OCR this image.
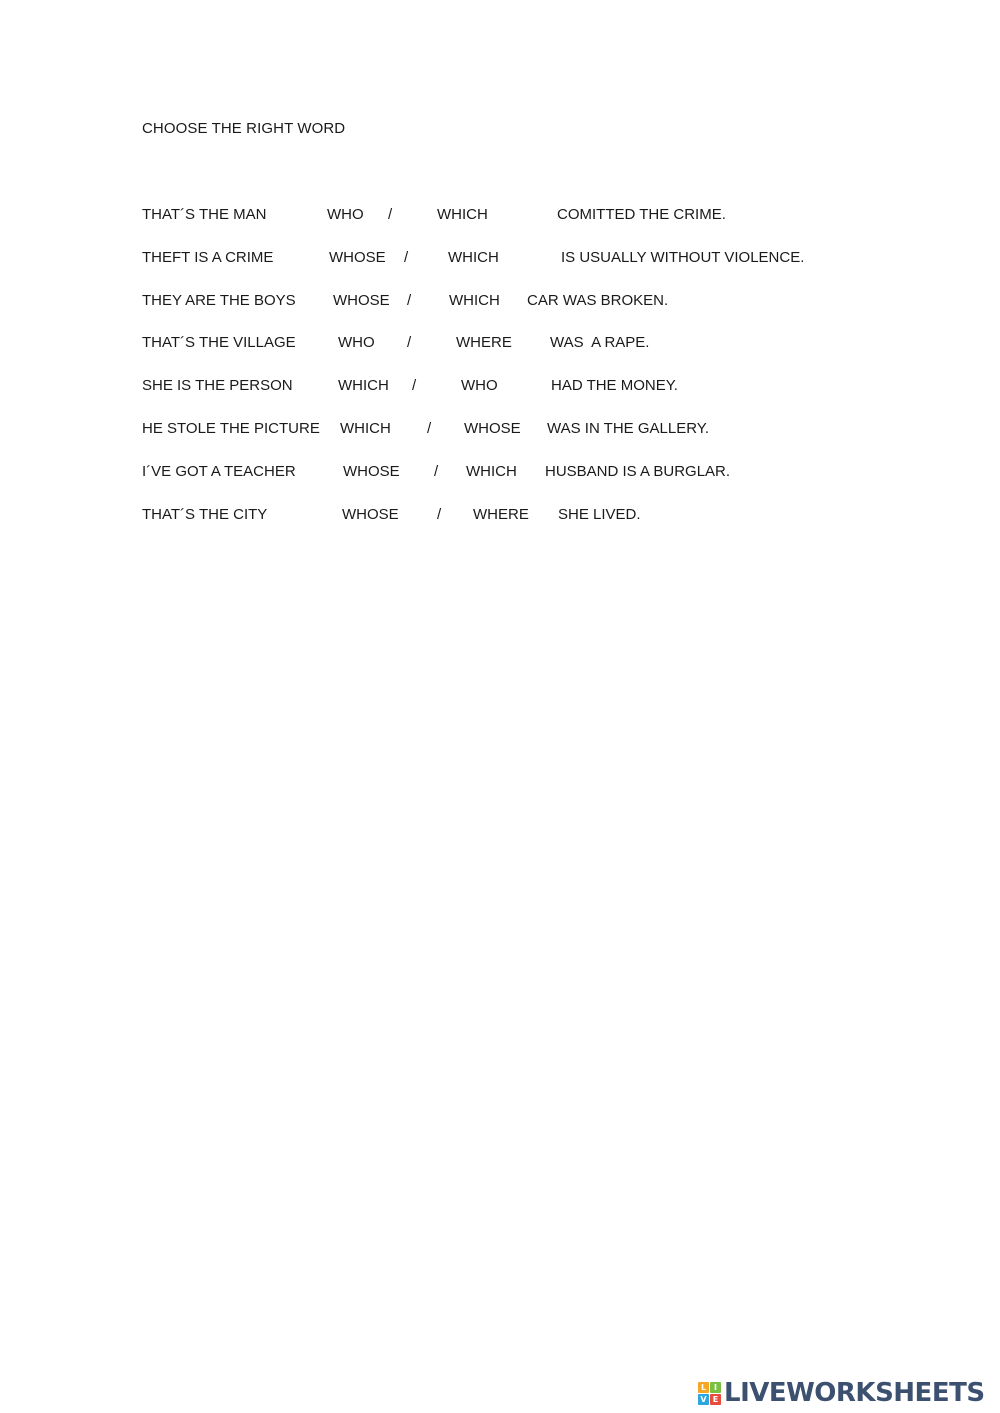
CHOOSE THE RIGHT WORD
THAT´S THE MAN	WHO /	WHICH	COMITTED THE CRIME.
THEFT IS A CRIME	WHOSE /	WHICH	IS USUALLY WITHOUT VIOLENCE.
THEY ARE THE BOYS WHOSE /	WHICH CAR WAS BROKEN.
THAT´S THE VILLAGE	WHO /	WHERE	WAS  A RAPE.
SHE IS THE PERSON	WHICH /	WHO	HAD THE MONEY.
HE STOLE THE PICTURE WHICH / WHOSE WAS IN THE GALLERY.
I´VE GOT A TEACHER	WHOSE / WHICH HUSBAND IS A BURGLAR.
THAT´S THE CITY	WHOSE	/ WHERE SHE LIVED.
L I
V E LIVEWORKSHEETS
